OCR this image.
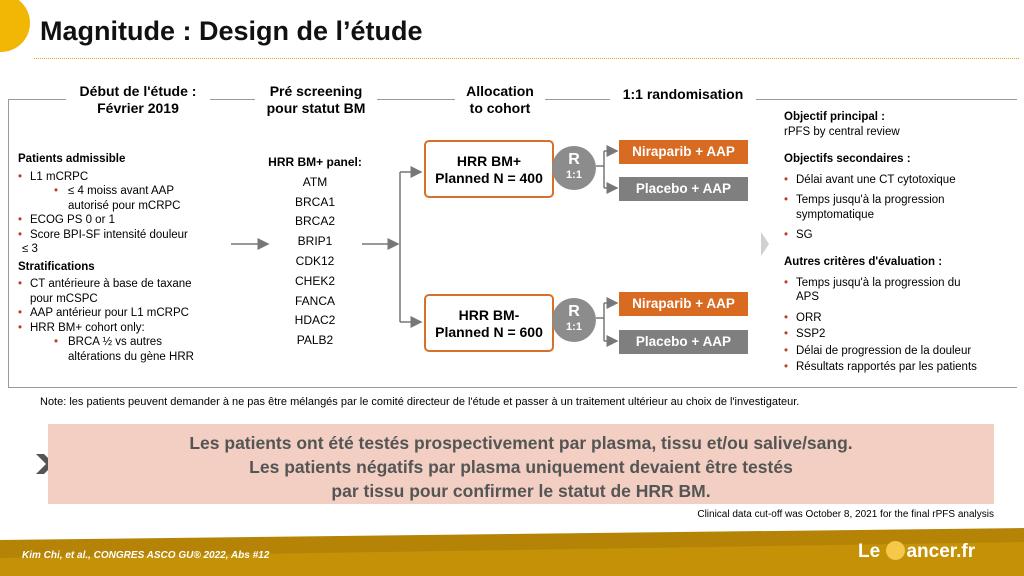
Magnitude : Design de l’étude
Début de l'étude :
Février 2019
Pré screening
pour statut BM
Allocation
to cohort
1:1 randomisation
Patients admissible
• L1 mCRPC
• ≤ 4 moiss avant AAP
autorisé pour mCRPC
• ECOG PS 0 or 1
• Score BPI-SF intensité douleur
≤ 3
Stratifications
• CT antérieure à base de taxane
pour mCSPC
• AAP antérieur pour L1 mCRPC
• HRR BM+ cohort only:
• BRCA ½ vs autres
altérations du gène HRR
HRR BM+ panel:
ATM
BRCA1
BRCA2
BRIP1
CDK12
CHEK2
FANCA
HDAC2
PALB2
HRR BM+
Planned N = 400
HRR BM-
Planned N = 600
R
1:1
R
1:1
Niraparib + AAP
Placebo + AAP
Niraparib + AAP
Placebo + AAP
Objectif principal :
rPFS by central review
Objectifs secondaires :
• Délai avant une CT cytotoxique
• Temps jusqu'à la progression
symptomatique
• SG
Autres critères d'évaluation :
• Temps jusqu'à la progression du
APS
• ORR
• SSP2
• Délai de progression de la douleur
• Résultats rapportés par les patients
Note: les patients peuvent demander à ne pas être mélangés par le comité directeur de l'étude et passer à un traitement ultérieur au choix de l'investigateur.
Les patients ont été testés prospectivement par plasma, tissu et/ou salive/sang.
Les patients négatifs par plasma uniquement devaient être testés
par tissu pour confirmer le statut de HRR BM.
Clinical data cut-off was October 8, 2021 for the final rPFS analysis
Kim Chi, et al., CONGRES ASCO GU® 2022, Abs #12	Le ancer.fr
